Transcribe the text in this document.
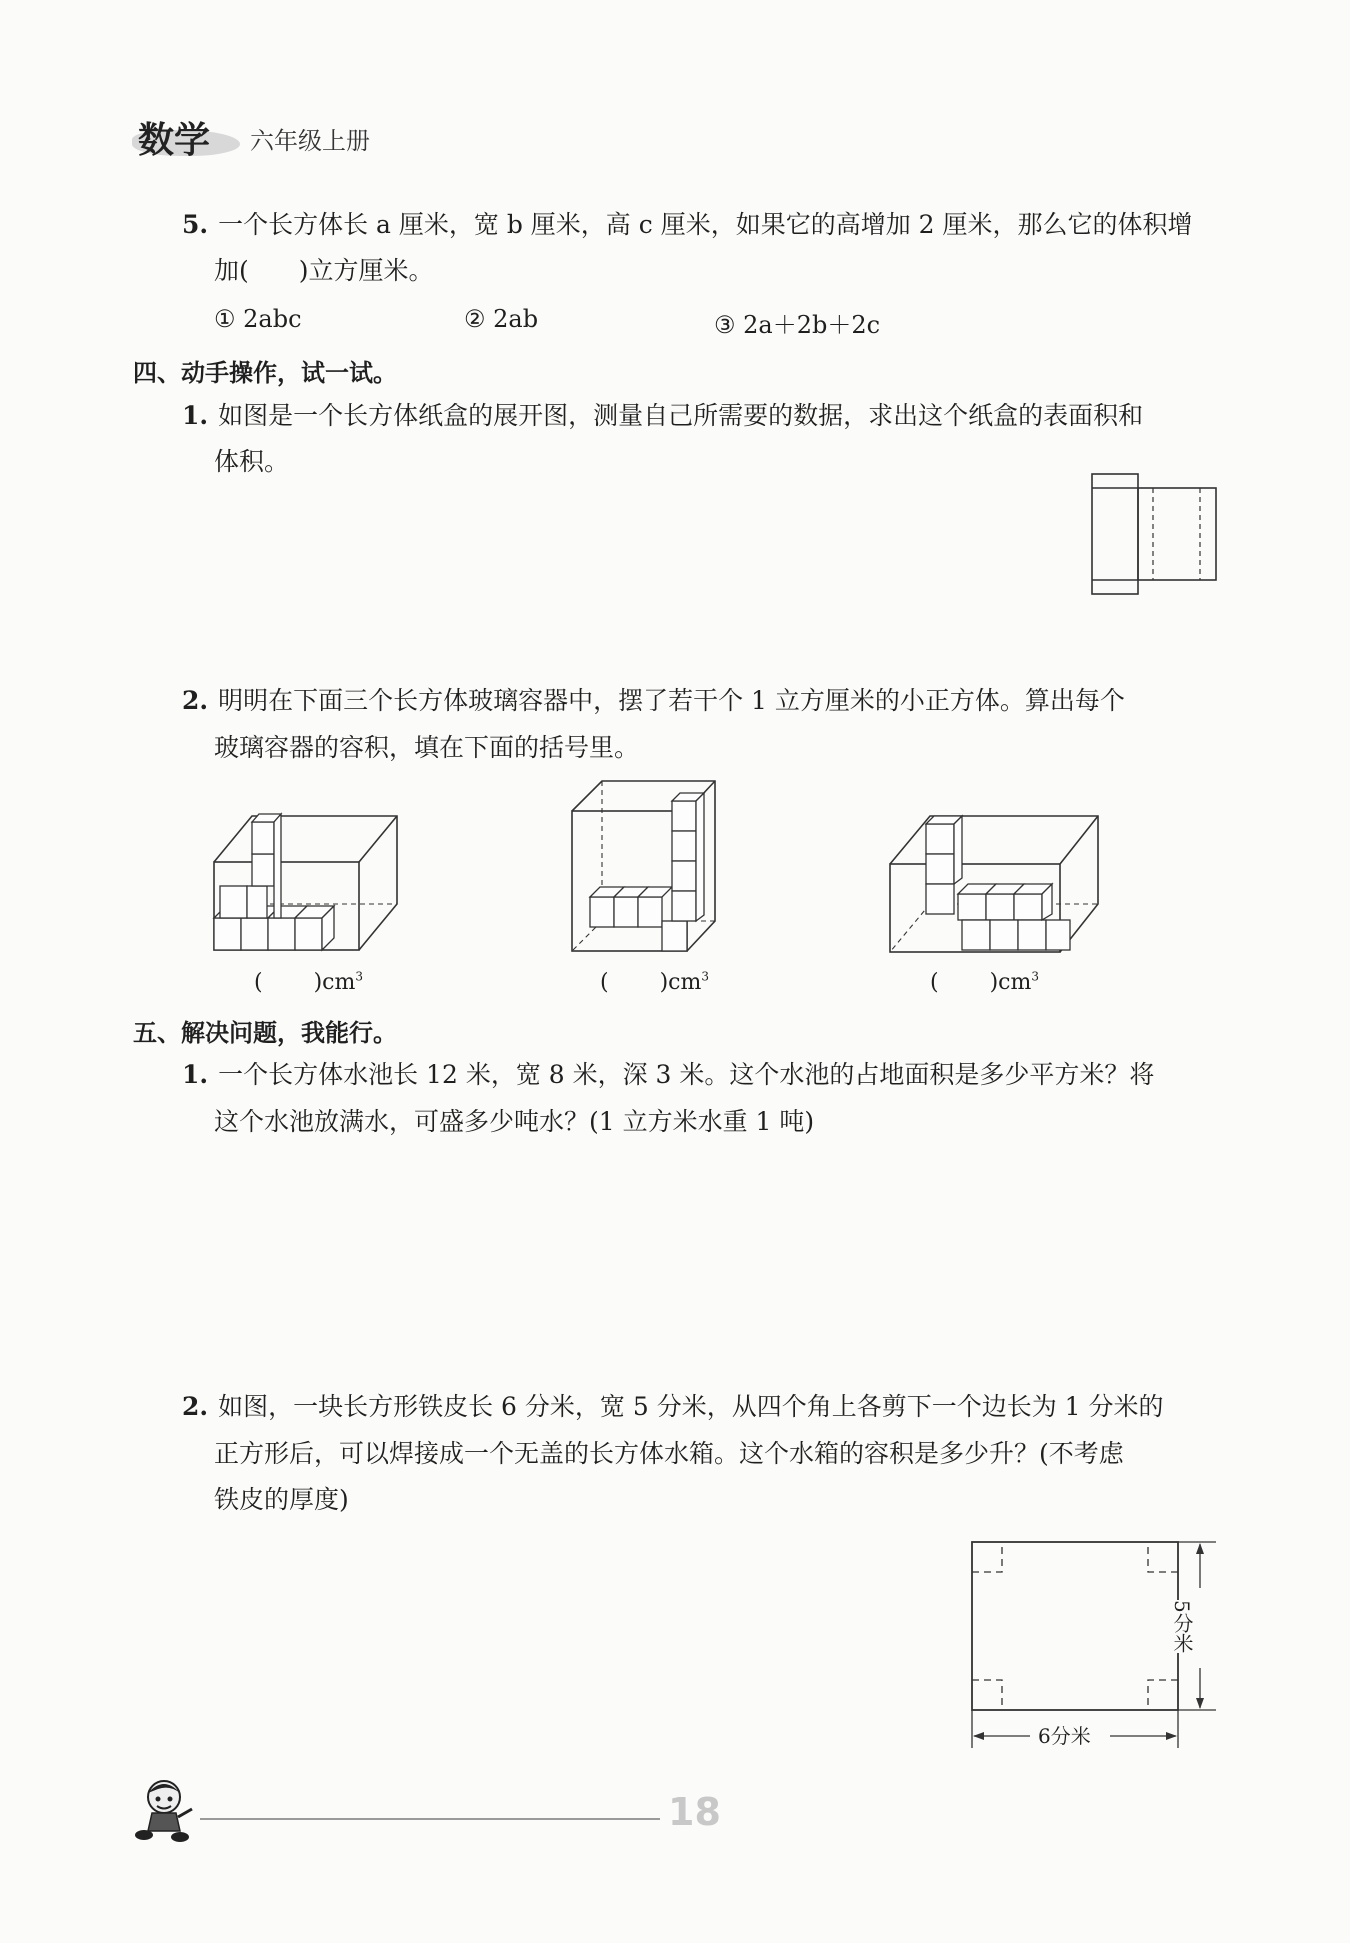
数学 六年级上册
5. 一个长方体长 a 厘米，宽 b 厘米，高 c 厘米，如果它的高增加 2 厘米，那么它的体积增
加(　　)立方厘米。
① 2abc	② 2ab	③ 2a＋2b＋2c
四、动手操作，试一试。
1. 如图是一个长方体纸盒的展开图，测量自己所需要的数据，求出这个纸盒的表面积和
体积。
2. 明明在下面三个长方体玻璃容器中，摆了若干个 1 立方厘米的小正方体。算出每个
玻璃容器的容积，填在下面的括号里。
(　　 )$cm^3$	(　　 )$cm^3$	(　　 )$cm^3$
五、解决问题，我能行。
1. 一个长方体水池长 12 米，宽 8 米，深 3 米。这个水池的占地面积是多少平方米？将
这个水池放满水，可盛多少吨水？(1 立方米水重 1 吨)
2. 如图，一块长方形铁皮长 6 分米，宽 5 分米，从四个角上各剪下一个边长为 1 分米的
正方形后，可以焊接成一个无盖的长方体水箱。这个水箱的容积是多少升？(不考虑
铁皮的厚度)
6分米
5分米
18
